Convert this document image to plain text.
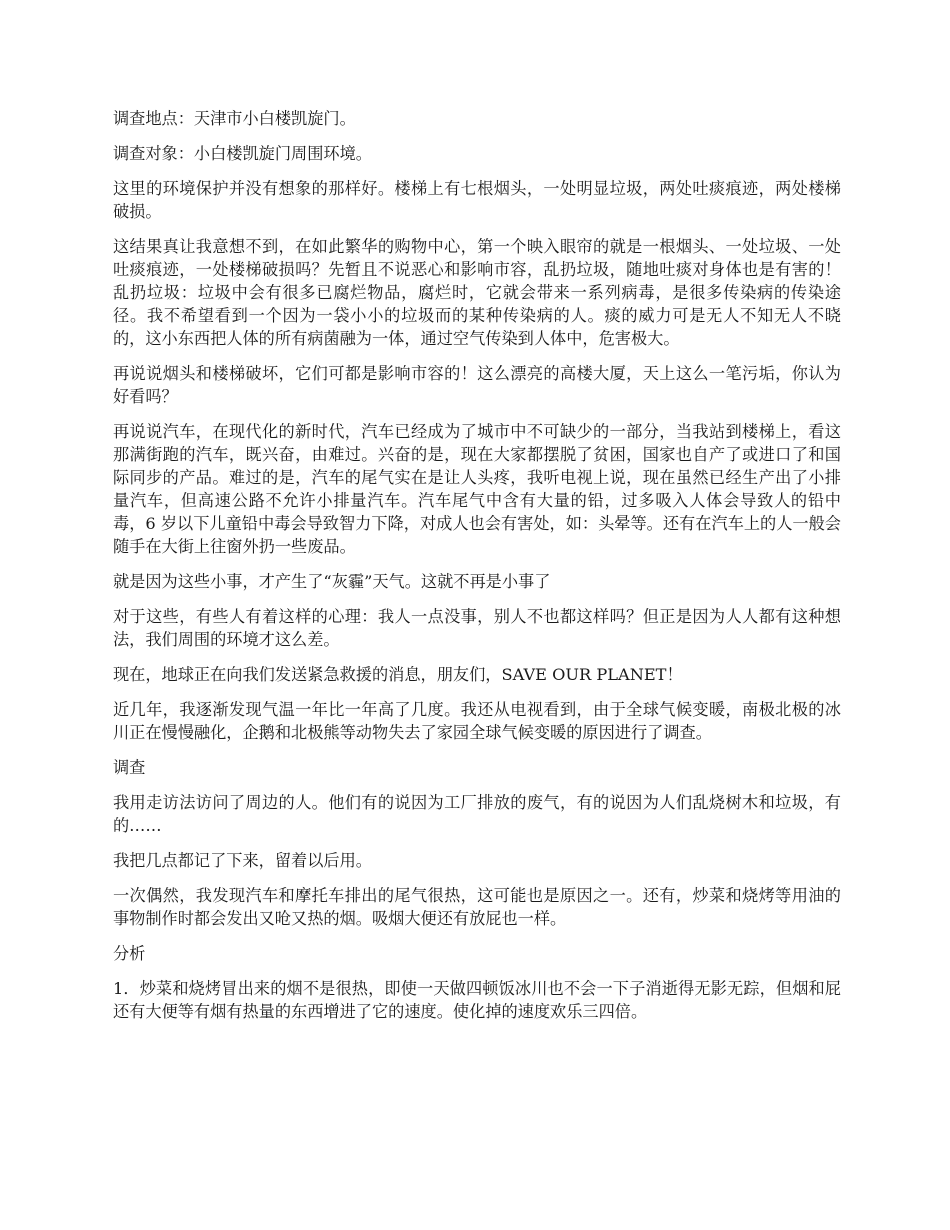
调查地点：天津市小白楼凯旋门。

调查对象：小白楼凯旋门周围环境。

这里的环境保护并没有想象的那样好。楼梯上有七根烟头，一处明显垃圾，两处吐痰痕迹，两处楼梯破损。

这结果真让我意想不到，在如此繁华的购物中心，第一个映入眼帘的就是一根烟头、一处垃圾、一处吐痰痕迹，一处楼梯破损吗？先暂且不说恶心和影响市容，乱扔垃圾，随地吐痰对身体也是有害的！乱扔垃圾：垃圾中会有很多已腐烂物品，腐烂时，它就会带来一系列病毒，是很多传染病的传染途径。我不希望看到一个因为一袋小小的垃圾而的某种传染病的人。痰的威力可是无人不知无人不晓的，这小东西把人体的所有病菌融为一体，通过空气传染到人体中，危害极大。

再说说烟头和楼梯破坏，它们可都是影响市容的！这么漂亮的高楼大厦，天上这么一笔污垢，你认为好看吗？

再说说汽车，在现代化的新时代，汽车已经成为了城市中不可缺少的一部分，当我站到楼梯上，看这那满街跑的汽车，既兴奋，由难过。兴奋的是，现在大家都摆脱了贫困，国家也自产了或进口了和国际同步的产品。难过的是，汽车的尾气实在是让人头疼，我听电视上说，现在虽然已经生产出了小排量汽车，但高速公路不允许小排量汽车。汽车尾气中含有大量的铅，过多吸入人体会导致人的铅中毒，6 岁以下儿童铅中毒会导致智力下降，对成人也会有害处，如：头晕等。还有在汽车上的人一般会随手在大街上往窗外扔一些废品。

就是因为这些小事，才产生了“灰霾”天气。这就不再是小事了

对于这些，有些人有着这样的心理：我人一点没事，别人不也都这样吗？但正是因为人人都有这种想法，我们周围的环境才这么差。

现在，地球正在向我们发送紧急救援的消息，朋友们，SAVE OUR PLANET！

近几年，我逐渐发现气温一年比一年高了几度。我还从电视看到，由于全球气候变暖，南极北极的冰川正在慢慢融化，企鹅和北极熊等动物失去了家园全球气候变暖的原因进行了调查。

调查

我用走访法访问了周边的人。他们有的说因为工厂排放的废气，有的说因为人们乱烧树木和垃圾，有的……

我把几点都记了下来，留着以后用。

一次偶然，我发现汽车和摩托车排出的尾气很热，这可能也是原因之一。还有，炒菜和烧烤等用油的事物制作时都会发出又呛又热的烟。吸烟大便还有放屁也一样。

分析

1．炒菜和烧烤冒出来的烟不是很热，即使一天做四顿饭冰川也不会一下子消逝得无影无踪，但烟和屁还有大便等有烟有热量的东西增进了它的速度。使化掉的速度欢乐三四倍。
